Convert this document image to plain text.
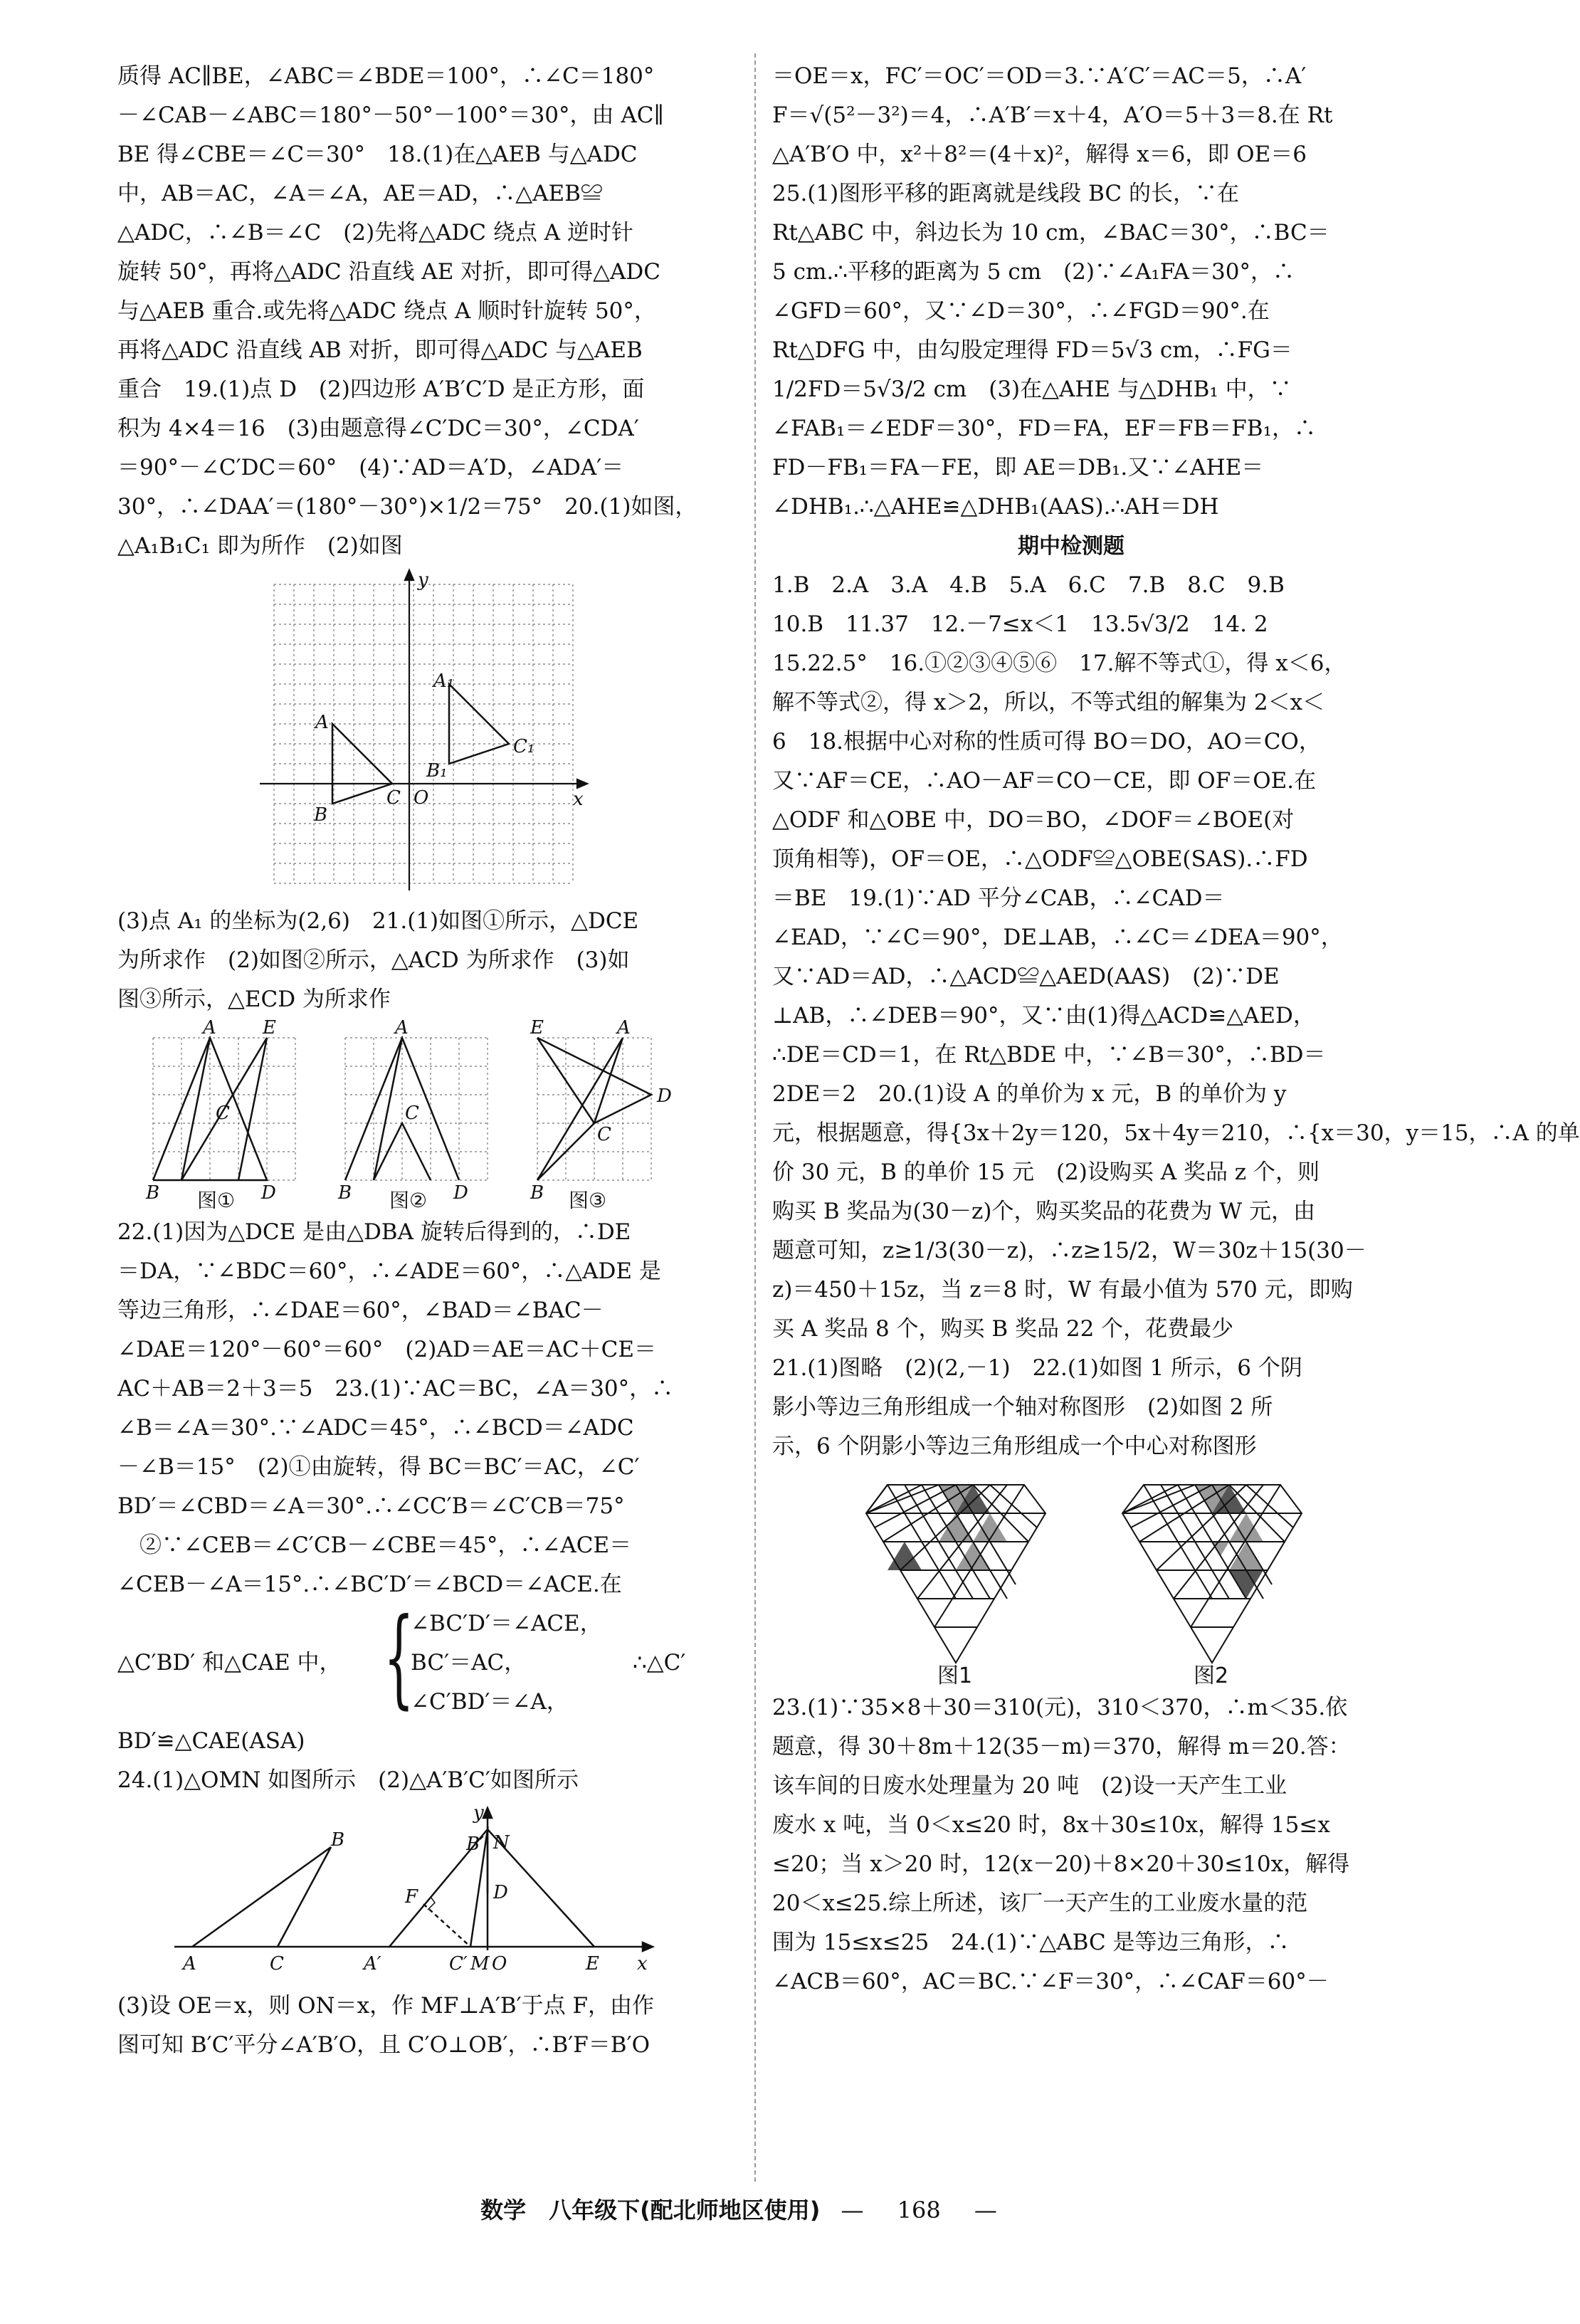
质得 AC∥BE，∠ABC＝∠BDE＝100°，∴∠C＝180°
－∠CAB－∠ABC＝180°－50°－100°＝30°，由 AC∥
BE 得∠CBE＝∠C＝30°　18.(1)在△AEB 与△ADC
中，AB＝AC，∠A＝∠A，AE＝AD，∴△AEB≌
△ADC，∴∠B＝∠C　(2)先将△ADC 绕点 A 逆时针
旋转 50°，再将△ADC 沿直线 AE 对折，即可得△ADC
与△AEB 重合.或先将△ADC 绕点 A 顺时针旋转 50°，
再将△ADC 沿直线 AB 对折，即可得△ADC 与△AEB
重合　19.(1)点 D　(2)四边形 A′B′C′D 是正方形，面
积为 4×4＝16　(3)由题意得∠C′DC＝30°，∠CDA′
＝90°－∠C′DC＝60°　(4)∵AD＝A′D，∠ADA′＝
30°，∴∠DAA′＝(180°－30°)×1/2＝75°　20.(1)如图，
△A₁B₁C₁ 即为所作　(2)如图
y
x
O
A
B
C
A₁
B₁
C₁
(3)点 A₁ 的坐标为(2,6)　21.(1)如图①所示，△DCE
为所求作　(2)如图②所示，△ACD 为所求作　(3)如
图③所示，△ECD 为所求作
A	E
C
B	D
A
C
B	D
E	A
C
D
B
图①	图②	图③
22.(1)因为△DCE 是由△DBA 旋转后得到的，∴DE
＝DA，∵∠BDC＝60°，∴∠ADE＝60°，∴△ADE 是
等边三角形，∴∠DAE＝60°，∠BAD＝∠BAC－
∠DAE＝120°－60°＝60°　(2)AD＝AE＝AC＋CE＝
AC＋AB＝2＋3＝5　23.(1)∵AC＝BC，∠A＝30°，∴
∠B＝∠A＝30°.∵∠ADC＝45°，∴∠BCD＝∠ADC
－∠B＝15°　(2)①由旋转，得 BC＝BC′＝AC，∠C′
BD′＝∠CBD＝∠A＝30°.∴∠CC′B＝∠C′CB＝75°
　②∵∠CEB＝∠C′CB－∠CBE＝45°，∴∠ACE＝
∠CEB－∠A＝15°.∴∠BC′D′＝∠BCD＝∠ACE.在
△C′BD′ 和△CAE 中， {
∠BC′D′＝∠ACE，
BC′＝AC，
∠C′BD′＝∠A，
∴△C′
BD′≌△CAE(ASA)
24.(1)△OMN 如图所示　(2)△A′B′C′如图所示
y
B	B′ N
F	D
A	C	A′	C′ M O	E x
(3)设 OE＝x，则 ON＝x，作 MF⊥A′B′于点 F，由作
图可知 B′C′平分∠A′B′O，且 C′O⊥OB′，∴B′F＝B′O
＝OE＝x，FC′＝OC′＝OD＝3.∵A′C′＝AC＝5，∴A′
F＝√(5²－3²)＝4，∴A′B′＝x＋4，A′O＝5＋3＝8.在 Rt
△A′B′O 中，x²＋8²＝(4＋x)²，解得 x＝6，即 OE＝6
25.(1)图形平移的距离就是线段 BC 的长，∵在
Rt△ABC 中，斜边长为 10 cm，∠BAC＝30°，∴BC＝
5 cm.∴平移的距离为 5 cm　(2)∵∠A₁FA＝30°，∴
∠GFD＝60°，又∵∠D＝30°，∴∠FGD＝90°.在
Rt△DFG 中，由勾股定理得 FD＝5√3 cm，∴FG＝
1/2FD＝5√3/2 cm　(3)在△AHE 与△DHB₁ 中，∵
∠FAB₁＝∠EDF＝30°，FD＝FA，EF＝FB＝FB₁，∴
FD－FB₁＝FA－FE，即 AE＝DB₁.又∵∠AHE＝
∠DHB₁.∴△AHE≌△DHB₁(AAS).∴AH＝DH
期中检测题
1.B　2.A　3.A　4.B　5.A　6.C　7.B　8.C　9.B
10.B　11.37　12.－7≤x＜1　13.5√3/2　14. 2
15.22.5°　16.①②③④⑤⑥　17.解不等式①，得 x＜6，
解不等式②，得 x＞2，所以，不等式组的解集为 2＜x＜
6　18.根据中心对称的性质可得 BO＝DO，AO＝CO，
又∵AF＝CE，∴AO－AF＝CO－CE，即 OF＝OE.在
△ODF 和△OBE 中，DO＝BO，∠DOF＝∠BOE(对
顶角相等)，OF＝OE，∴△ODF≌△OBE(SAS).∴FD
＝BE　19.(1)∵AD 平分∠CAB，∴∠CAD＝
∠EAD，∵∠C＝90°，DE⊥AB，∴∠C＝∠DEA＝90°，
又∵AD＝AD，∴△ACD≌△AED(AAS)　(2)∵DE
⊥AB，∴∠DEB＝90°，又∵由(1)得△ACD≌△AED，
∴DE＝CD＝1，在 Rt△BDE 中，∵∠B＝30°，∴BD＝
2DE＝2　20.(1)设 A 的单价为 x 元，B 的单价为 y
元，根据题意，得{3x＋2y＝120，5x＋4y＝210，∴{x＝30，y＝15，∴A 的单
价 30 元，B 的单价 15 元　(2)设购买 A 奖品 z 个，则
购买 B 奖品为(30－z)个，购买奖品的花费为 W 元，由
题意可知，z≥1/3(30－z)，∴z≥15/2，W＝30z＋15(30－
z)＝450＋15z，当 z＝8 时，W 有最小值为 570 元，即购
买 A 奖品 8 个，购买 B 奖品 22 个，花费最少
21.(1)图略　(2)(2,－1)　22.(1)如图 1 所示，6 个阴
影小等边三角形组成一个轴对称图形　(2)如图 2 所
示，6 个阴影小等边三角形组成一个中心对称图形
图1	图2
23.(1)∵35×8＋30＝310(元)，310＜370，∴m＜35.依
题意，得 30＋8m＋12(35－m)＝370，解得 m＝20.答：
该车间的日废水处理量为 20 吨　(2)设一天产生工业
废水 x 吨，当 0＜x≤20 时，8x＋30≤10x，解得 15≤x
≤20；当 x＞20 时，12(x－20)＋8×20＋30≤10x，解得
20＜x≤25.综上所述，该厂一天产生的工业废水量的范
围为 15≤x≤25　24.(1)∵△ABC 是等边三角形，∴
∠ACB＝60°，AC＝BC.∵∠F＝30°，∴∠CAF＝60°－
数学　八年级下(配北师地区使用) — 168 —
